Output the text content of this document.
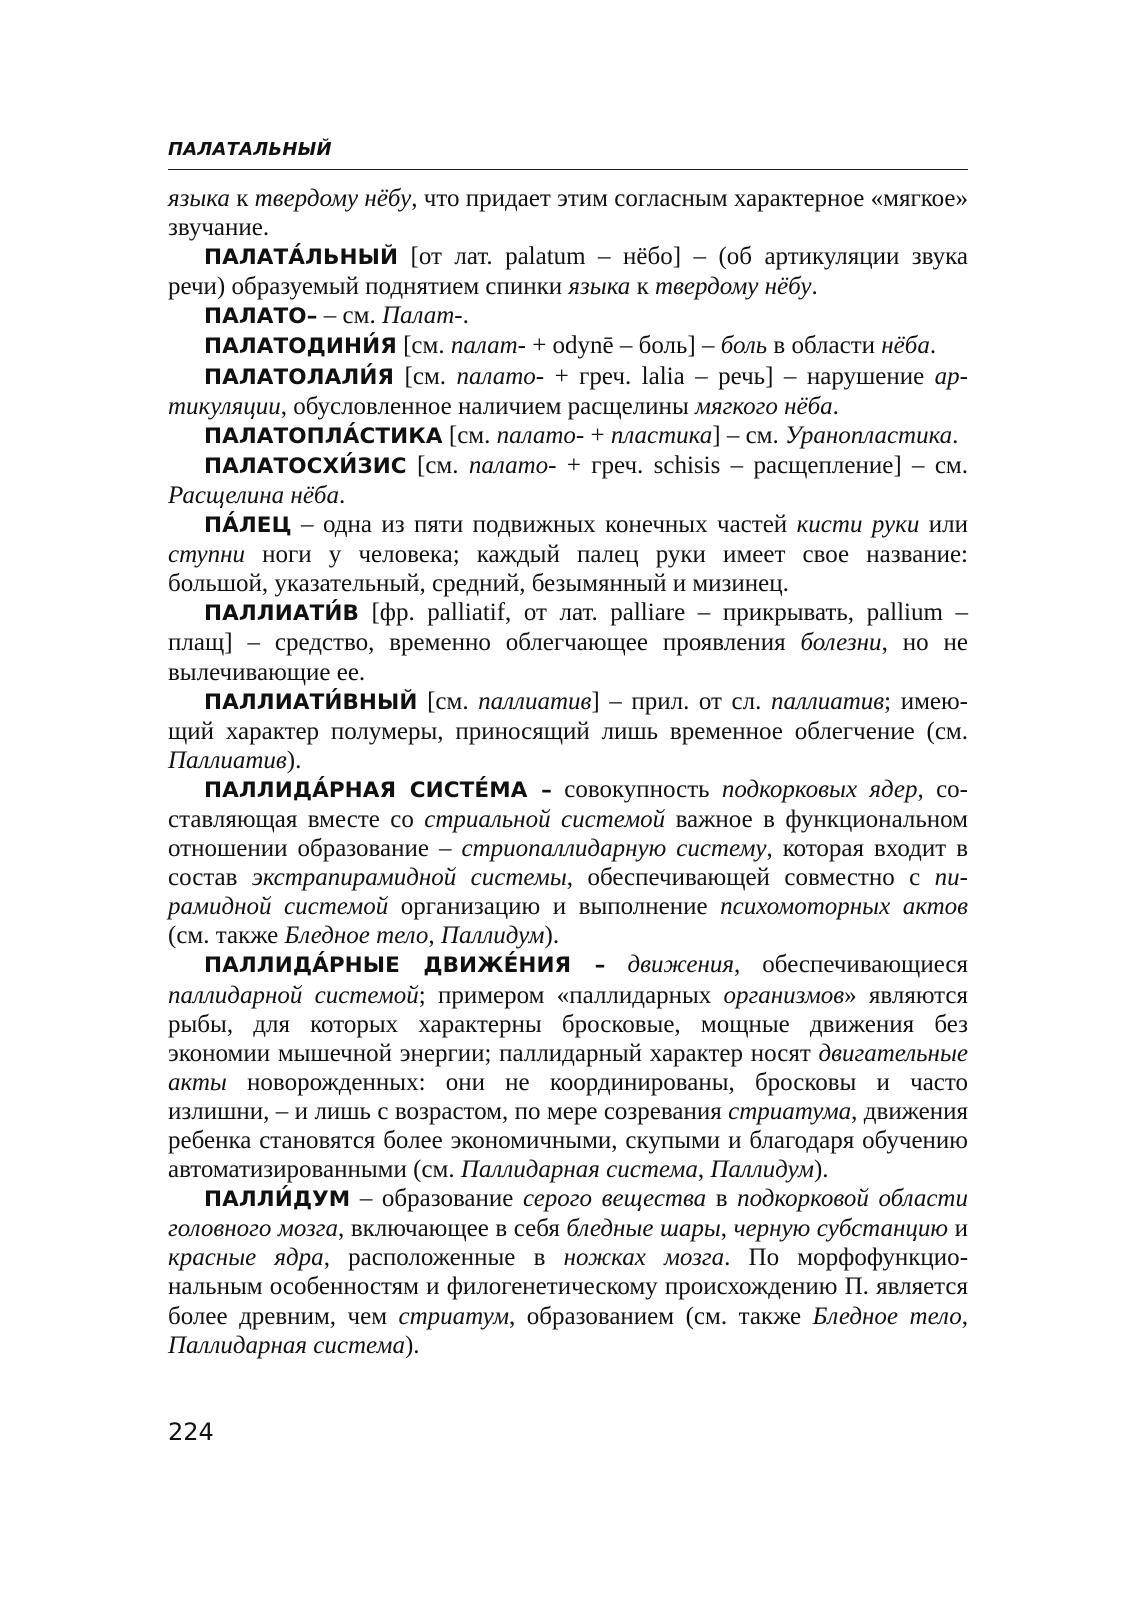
ПАЛАТАЛЬНЫЙ

языка к твердому нёбу, что придает этим согласным характерное «мягкое» звучание.

ПАЛАТА́ЛЬНЫЙ [от лат. palatum – нёбо] – (об артикуляции звука речи) образуемый поднятием спинки языка к твердому нёбу.

ПАЛАТО– – см. Палат-.

ПАЛАТОДИНИ́Я [см. палат- + odynē – боль] – боль в области нёба.

ПАЛАТОЛАЛИ́Я [см. палато- + греч. lalia – речь] – нарушение артикуляции, обусловленное наличием расщелины мягкого нёба.

ПАЛАТОПЛА́СТИКА [см. палато- + пластика] – см. Уранопластика.

ПАЛАТОСХИ́ЗИС [см. палато- + греч. schisis – расщепление] – см. Расщелина нёба.

ПА́ЛЕЦ – одна из пяти подвижных конечных частей кисти руки или ступни ноги у человека; каждый палец руки имеет свое название: большой, указательный, средний, безымянный и мизинец.

ПАЛЛИАТИ́В [фр. palliatif, от лат. palliare – прикрывать, pallium – плащ] – средство, временно облегчающее проявления болезни, но не вылечивающие ее.

ПАЛЛИАТИ́ВНЫЙ [см. паллиатив] – прил. от сл. паллиатив; имеющий характер полумеры, приносящий лишь временное облегчение (см. Паллиатив).

ПАЛЛИДА́РНАЯ СИСТЕ́МА – совокупность подкорковых ядер, составляющая вместе со стриальной системой важное в функциональном отношении образование – стриопаллидарную систему, которая входит в состав экстрапирамидной системы, обеспечивающей совместно с пирамидной системой организацию и выполнение психомоторных актов (см. также Бледное тело, Паллидум).

ПАЛЛИДА́РНЫЕ ДВИЖЕ́НИЯ – движения, обеспечивающиеся паллидарной системой; примером «паллидарных организмов» являются рыбы, для которых характерны бросковые, мощные движения без экономии мышечной энергии; паллидарный характер носят двигательные акты новорожденных: они не координированы, бросковы и часто излишни, – и лишь с возрастом, по мере созревания стриатума, движения ребенка становятся более экономичными, скупыми и благодаря обучению автоматизированными (см. Паллидарная система, Паллидум).

ПАЛЛИ́ДУМ – образование серого вещества в подкорковой области головного мозга, включающее в себя бледные шары, черную субстанцию и красные ядра, расположенные в ножках мозга. По морфофункциональным особенностям и филогенетическому происхождению П. является более древним, чем стриатум, образованием (см. также Бледное тело, Паллидарная система).

224
